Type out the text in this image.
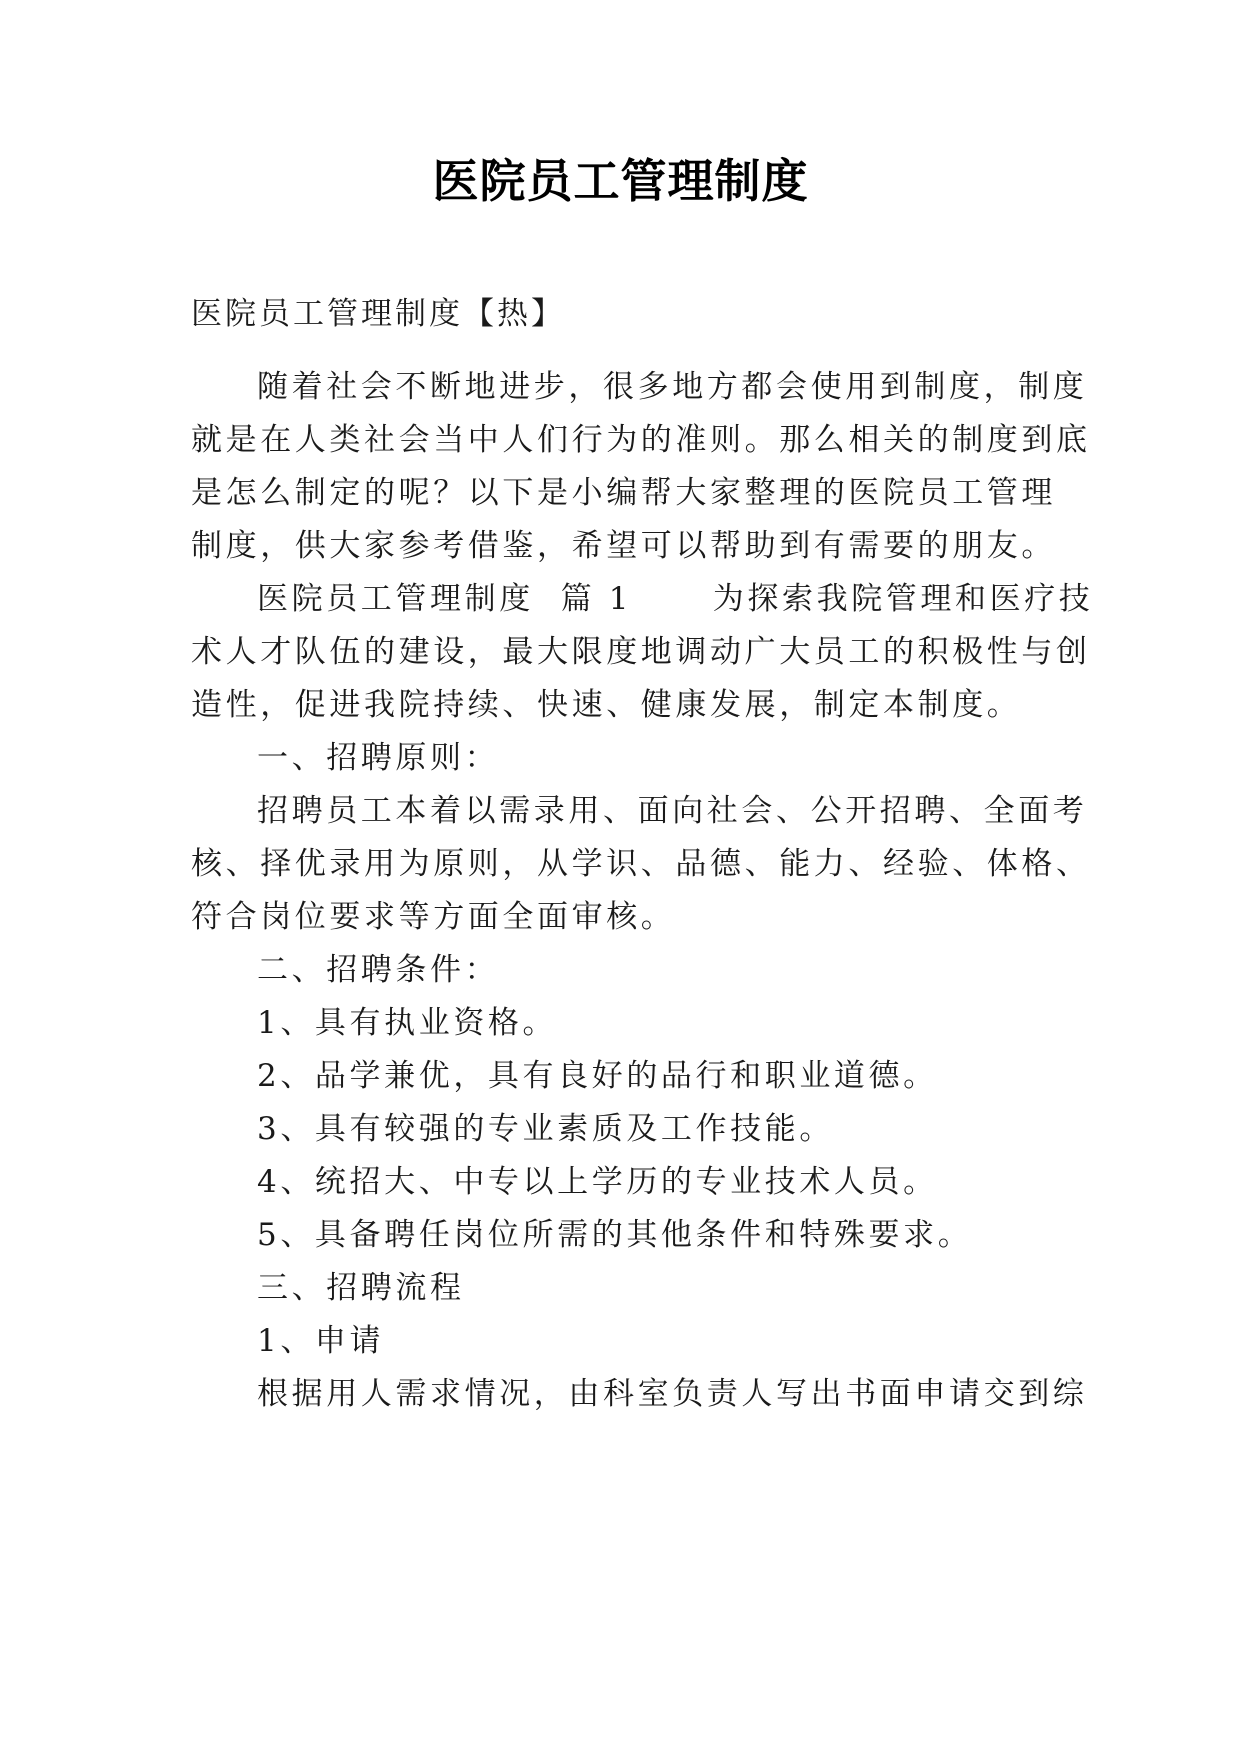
医院员工管理制度
医院员工管理制度【热】
随着社会不断地进步，很多地方都会使用到制度，制度
就是在人类社会当中人们行为的准则。那么相关的制度到底
是怎么制定的呢？以下是小编帮大家整理的医院员工管理
制度，供大家参考借鉴，希望可以帮助到有需要的朋友。
医院员工管理制度  篇 1      为探索我院管理和医疗技
术人才队伍的建设，最大限度地调动广大员工的积极性与创
造性，促进我院持续、快速、健康发展，制定本制度。
一、招聘原则：
招聘员工本着以需录用、面向社会、公开招聘、全面考
核、择优录用为原则，从学识、品德、能力、经验、体格、
符合岗位要求等方面全面审核。
二、招聘条件：
1、具有执业资格。
2、品学兼优，具有良好的品行和职业道德。
3、具有较强的专业素质及工作技能。
4、统招大、中专以上学历的专业技术人员。
5、具备聘任岗位所需的其他条件和特殊要求。
三、招聘流程
1、申请
根据用人需求情况，由科室负责人写出书面申请交到综
